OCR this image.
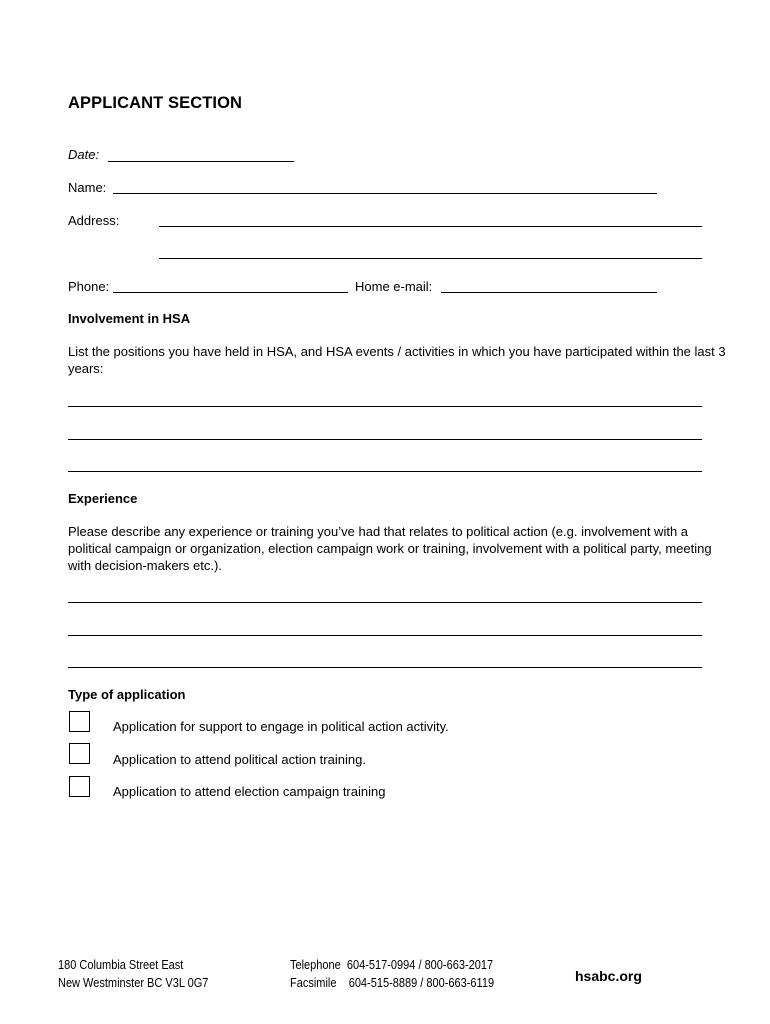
APPLICANT SECTION
Date:
Name:
Address:
Phone:	Home e-mail:
Involvement in HSA
List the positions you have held in HSA, and HSA events / activities in which you have participated within the last 3 years:
Experience
Please describe any experience or training you’ve had that relates to political action (e.g. involvement with a political campaign or organization, election campaign work or training, involvement with a political party, meeting with decision-makers etc.).
Type of application
Application for support to engage in political action activity.
Application to attend political action training.
Application to attend election campaign training
180 Columbia Street East
New Westminster BC V3L 0G7
Telephone 604-517-0994 / 800-663-2017
Facsimile 604-515-8889 / 800-663-6119	hsabc.org
